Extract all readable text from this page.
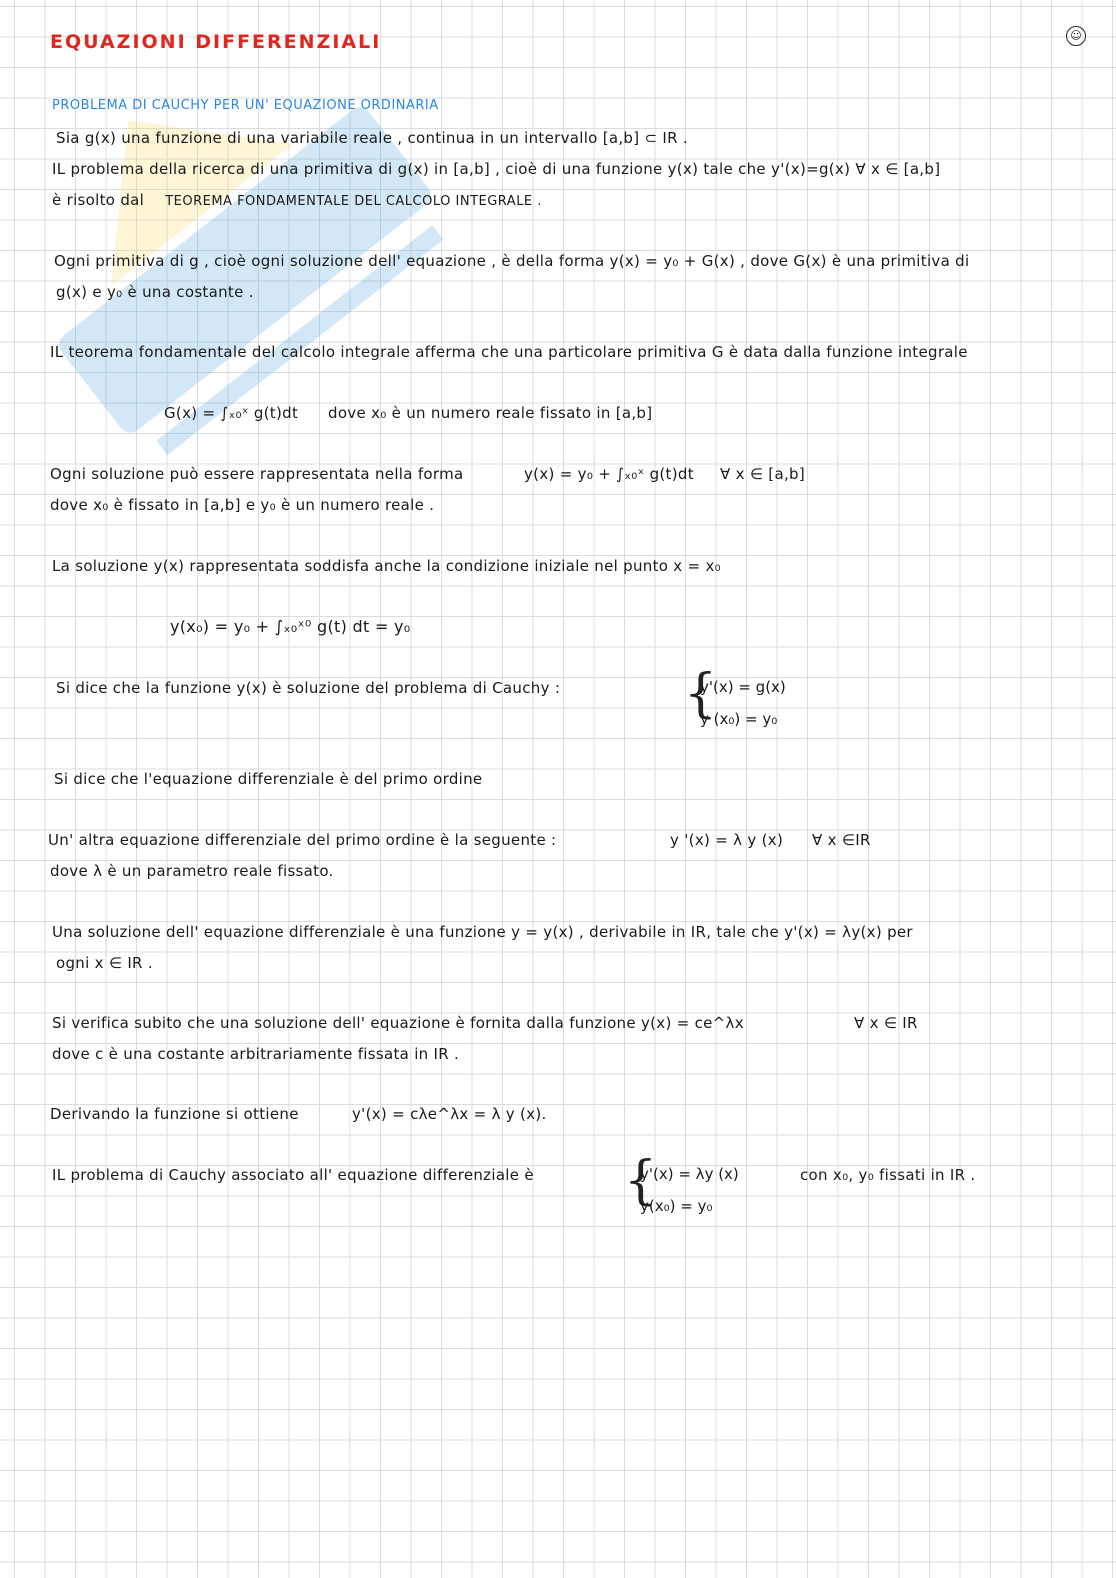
EQUAZIONI DIFFERENZIALI	☺
PROBLEMA DI CAUCHY PER UN' EQUAZIONE ORDINARIA
Sia g(x) una funzione di una variabile reale , continua in un intervallo [a,b] ⊂ IR .
IL problema della ricerca di una primitiva di g(x) in [a,b] , cioè di una funzione y(x) tale che y'(x)=g(x) ∀ x ∈ [a,b]
è risolto dal TEOREMA FONDAMENTALE DEL CALCOLO INTEGRALE .
Ogni primitiva di g , cioè ogni soluzione dell' equazione , è della forma y(x) = y₀ + G(x) , dove G(x) è una primitiva di
g(x) e y₀ è una costante .
IL teorema fondamentale del calcolo integrale afferma che una particolare primitiva G è data dalla funzione integrale
G(x) = ∫ₓ₀ˣ g(t)dt dove x₀ è un numero reale fissato in [a,b]
Ogni soluzione può essere rappresentata nella forma	y(x) = y₀ + ∫ₓ₀ˣ g(t)dt ∀ x ∈ [a,b]
dove x₀ è fissato in [a,b] e y₀ è un numero reale .
La soluzione y(x) rappresentata soddisfa anche la condizione iniziale nel punto x = x₀
y(x₀) = y₀ + ∫ₓ₀ˣ⁰ g(t) dt = y₀
Si dice che la funzione y(x) è soluzione del problema di Cauchy : {
y'(x) = g(x)
y (x₀) = y₀
Si dice che l'equazione differenziale è del primo ordine
Un' altra equazione differenziale del primo ordine è la seguente :	y '(x) = λ y (x) ∀ x ∈IR
dove λ è un parametro reale fissato.
Una soluzione dell' equazione differenziale è una funzione y = y(x) , derivabile in IR, tale che y'(x) = λy(x) per
ogni x ∈ IR .
Si verifica subito che una soluzione dell' equazione è fornita dalla funzione y(x) = ce^λx	∀ x ∈ IR
dove c è una costante arbitrariamente fissata in IR .
Derivando la funzione si ottiene	y'(x) = cλe^λx = λ y (x).
IL problema di Cauchy associato all' equazione differenziale è {
y'(x) = λy (x)
y(x₀) = y₀
con x₀, y₀ fissati in IR .
